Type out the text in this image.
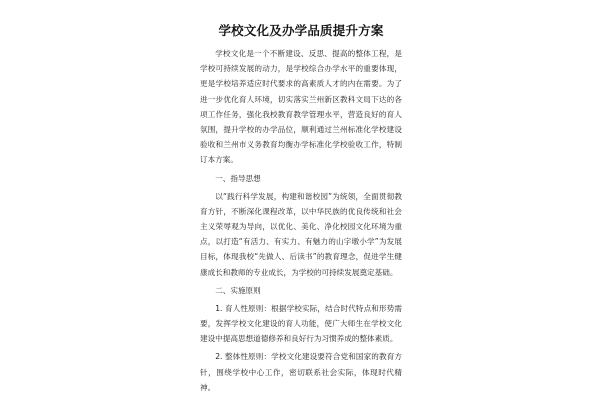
学校文化及办学品质提升方案

学校文化是一个不断建设、反思、提高的整体工程，是学校可持续发展的动力，是学校综合办学水平的重要体现，更是学校培养适应时代要求的高素质人才的内在需要。为了进一步优化育人环境，切实落实兰州新区教科文局下达的各项工作任务，强化我校教育教学管理水平，营造良好的育人氛围，提升学校的办学品位，顺利通过兰州标准化学校建设验收和兰州市义务教育均衡办学标准化学校验收工作，特制订本方案。

一、指导思想

以“践行科学发展，构建和谐校园”为统领，全面贯彻教育方针，不断深化课程改革，以中华民族的优良传统和社会主义荣辱观为导向，以优化、美化、净化校园文化环境为重点，以打造“有活力、有实力、有魅力的山字墩小学”为发展目标，体现我校“先做人、后读书”的教育理念，促进学生健康成长和教师的专业成长，为学校的可持续发展奠定基础。

二、实施原则

1. 育人性原则：根据学校实际，结合时代特点和形势需要，发挥学校文化建设的育人功能，使广大师生在学校文化建设中提高思想道德修养和良好行为习惯养成的整体素质。

2. 整体性原则：学校文化建设要符合党和国家的教育方针，围绕学校中心工作，密切联系社会实际，体现时代精神。
